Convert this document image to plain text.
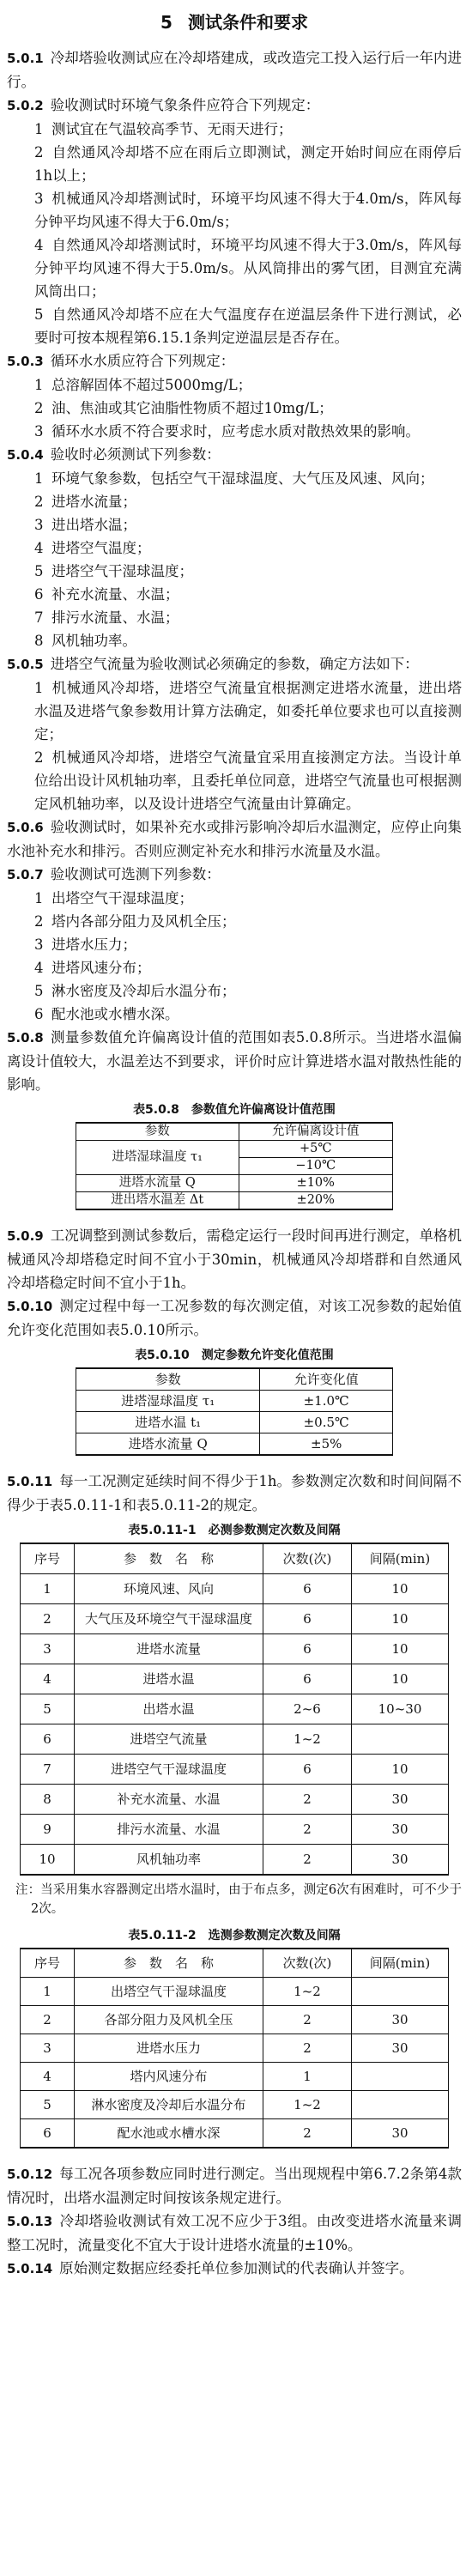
5 测试条件和要求

5.0.1 冷却塔验收测试应在冷却塔建成，或改造完工投入运行后一年内进行。

5.0.2 验收测试时环境气象条件应符合下列规定：

1 测试宜在气温较高季节、无雨天进行；

2 自然通风冷却塔不应在雨后立即测试，测定开始时间应在雨停后1h以上；

3 机械通风冷却塔测试时，环境平均风速不得大于4.0m/s，阵风每分钟平均风速不得大于6.0m/s；

4 自然通风冷却塔测试时，环境平均风速不得大于3.0m/s，阵风每分钟平均风速不得大于5.0m/s。从风筒排出的雾气团，目测宜充满风筒出口；

5 自然通风冷却塔不应在大气温度存在逆温层条件下进行测试，必要时可按本规程第6.15.1条判定逆温层是否存在。

5.0.3 循环水水质应符合下列规定：

1 总溶解固体不超过5000mg/L；

2 油、焦油或其它油脂性物质不超过10mg/L；

3 循环水水质不符合要求时，应考虑水质对散热效果的影响。

5.0.4 验收时必须测试下列参数：

1 环境气象参数，包括空气干湿球温度、大气压及风速、风向；

2 进塔水流量；

3 进出塔水温；

4 进塔空气温度；

5 进塔空气干湿球温度；

6 补充水流量、水温；

7 排污水流量、水温；

8 风机轴功率。

5.0.5 进塔空气流量为验收测试必须确定的参数，确定方法如下：

1 机械通风冷却塔，进塔空气流量宜根据测定进塔水流量，进出塔水温及进塔气象参数用计算方法确定，如委托单位要求也可以直接测定；

2 机械通风冷却塔，进塔空气流量宜采用直接测定方法。当设计单位给出设计风机轴功率，且委托单位同意，进塔空气流量也可根据测定风机轴功率，以及设计进塔空气流量由计算确定。

5.0.6 验收测试时，如果补充水或排污影响冷却后水温测定，应停止向集水池补充水和排污。否则应测定补充水和排污水流量及水温。

5.0.7 验收测试可选测下列参数：

1 出塔空气干湿球温度；

2 塔内各部分阻力及风机全压；

3 进塔水压力；

4 进塔风速分布；

5 淋水密度及冷却后水温分布；

6 配水池或水槽水深。

5.0.8 测量参数值允许偏离设计值的范围如表5.0.8所示。当进塔水温偏离设计值较大，水温差达不到要求，评价时应计算进塔水温对散热性能的影响。

表5.0.8　参数值允许偏离设计值范围
参数	允许偏离设计值
进塔湿球温度 τ₁	+5℃
	−10℃
进塔水流量 Q	±10%
进出塔水温差 Δt	±20%

5.0.9 工况调整到测试参数后，需稳定运行一段时间再进行测定，单格机械通风冷却塔稳定时间不宜小于30min，机械通风冷却塔群和自然通风冷却塔稳定时间不宜小于1h。

5.0.10 测定过程中每一工况参数的每次测定值，对该工况参数的起始值允许变化范围如表5.0.10所示。

表5.0.10　测定参数允许变化值范围
参数	允许变化值
进塔湿球温度 τ₁	±1.0℃
进塔水温 t₁	±0.5℃
进塔水流量 Q	±5%

5.0.11 每一工况测定延续时间不得少于1h。参数测定次数和时间间隔不得少于表5.0.11-1和表5.0.11-2的规定。

表5.0.11-1　必测参数测定次数及间隔
序号	参　数　名　称	次数(次)	间隔(min)
1	环境风速、风向	6	10
2	大气压及环境空气干湿球温度	6	10
3	进塔水流量	6	10
4	进塔水温	6	10
5	出塔水温	2~6	10~30
6	进塔空气流量	1~2	
7	进塔空气干湿球温度	6	10
8	补充水流量、水温	2	30
9	排污水流量、水温	2	30
10	风机轴功率	2	30

注：当采用集水容器测定出塔水温时，由于布点多，测定6次有困难时，可不少于2次。

表5.0.11-2　选测参数测定次数及间隔
序号	参　数　名　称	次数(次)	间隔(min)
1	出塔空气干湿球温度	1~2	
2	各部分阻力及风机全压	2	30
3	进塔水压力	2	30
4	塔内风速分布	1	
5	淋水密度及冷却后水温分布	1~2	
6	配水池或水槽水深	2	30

5.0.12 每工况各项参数应同时进行测定。当出现规程中第6.7.2条第4款情况时，出塔水温测定时间按该条规定进行。

5.0.13 冷却塔验收测试有效工况不应少于3组。由改变进塔水流量来调整工况时，流量变化不宜大于设计进塔水流量的±10%。

5.0.14 原始测定数据应经委托单位参加测试的代表确认并签字。
